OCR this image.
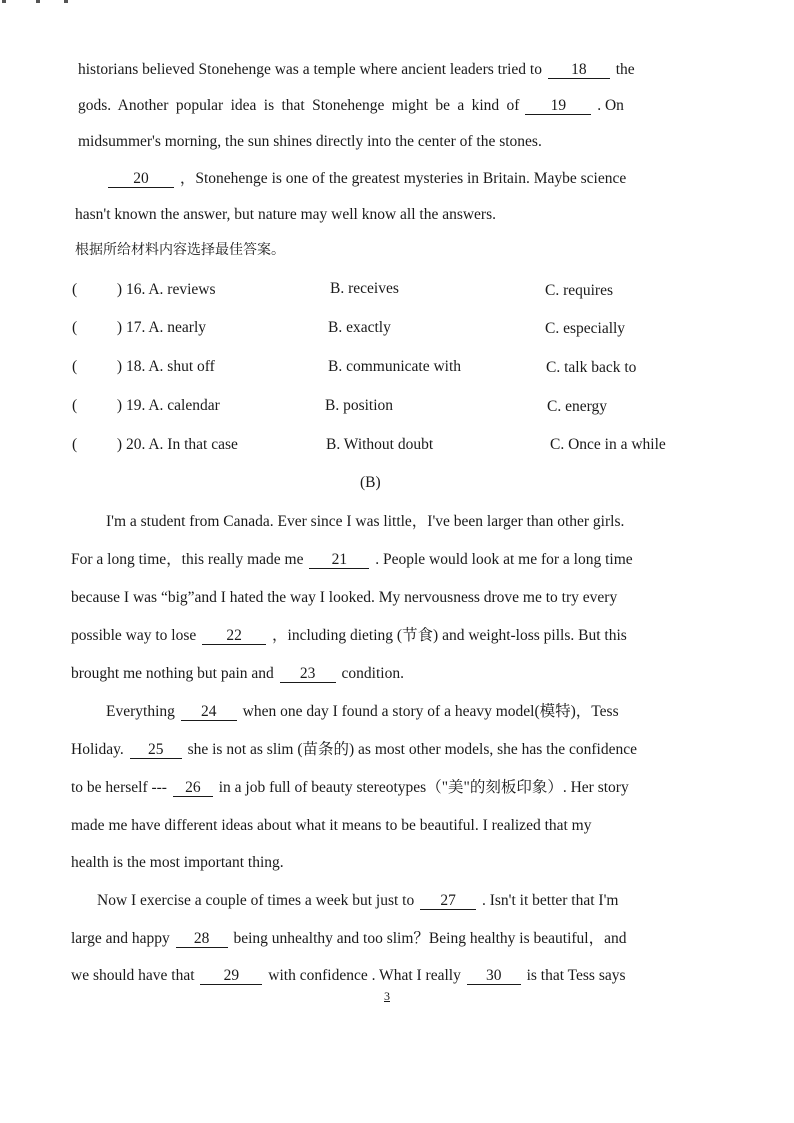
historians believed Stonehenge was a temple where ancient leaders tried to 18 the
gods. Another popular idea is that Stonehenge might be a kind of 19 . On
midsummer's morning, the sun shines directly into the center of the stones.
20 ，Stonehenge is one of the greatest mysteries in Britain. Maybe science
hasn't known the answer, but nature may well know all the answers.
根据所给材料内容选择最佳答案。
(	) 16. A. reviews	B. receives	C. requires
(	) 17. A. nearly	B. exactly	C. especially
(	) 18. A. shut off	B. communicate with	C. talk back to
(	) 19. A. calendar	B. position	C. energy
(	) 20. A. In that case	B. Without doubt	C. Once in a while
(B)
I'm a student from Canada. Ever since I was little，I've been larger than other girls.
For a long time，this really made me 21 . People would look at me for a long time
because I was “big”and I hated the way I looked. My nervousness drove me to try every
possible way to lose 22 ，including dieting (节食) and weight-loss pills. But this
brought me nothing but pain and 23 condition.
Everything 24 when one day I found a story of a heavy model(模特)，Tess
Holiday. 25 she is not as slim (苗条的) as most other models, she has the confidence
to be herself --- 26 in a job full of beauty stereotypes（"美"的刻板印象）. Her story
made me have different ideas about what it means to be beautiful. I realized that my
health is the most important thing.
Now I exercise a couple of times a week but just to 27 . Isn't it better that I'm
large and happy 28 being unhealthy and too slim？Being healthy is beautiful，and
we should have that 29 with confidence . What I really 30 is that Tess says
3
